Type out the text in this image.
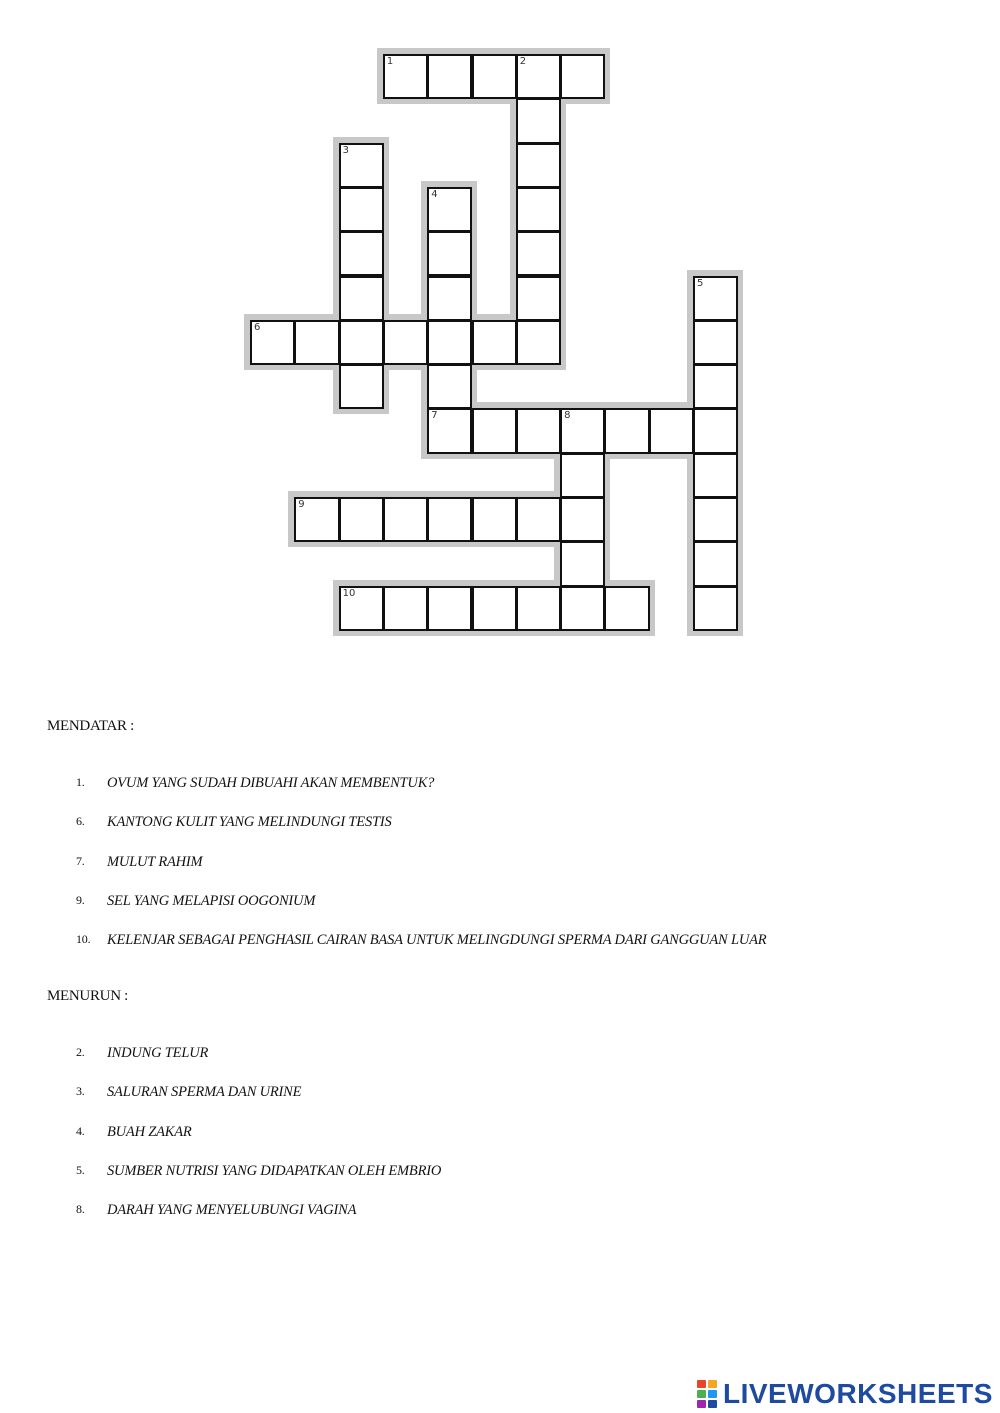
1	2
3
4
5
6
7	8
9
10
MENDATAR :
1.	OVUM YANG SUDAH DIBUAHI AKAN MEMBENTUK?
6.	KANTONG KULIT YANG MELINDUNGI TESTIS
7.	MULUT RAHIM
9.	SEL YANG MELAPISI OOGONIUM
10.	KELENJAR SEBAGAI PENGHASIL CAIRAN BASA UNTUK MELINGDUNGI SPERMA DARI GANGGUAN LUAR
MENURUN :
2.	INDUNG TELUR
3.	SALURAN SPERMA DAN URINE
4.	BUAH ZAKAR
5.	SUMBER NUTRISI YANG DIDAPATKAN OLEH EMBRIO
8.	DARAH YANG MENYELUBUNGI VAGINA
LIVEWORKSHEETS
